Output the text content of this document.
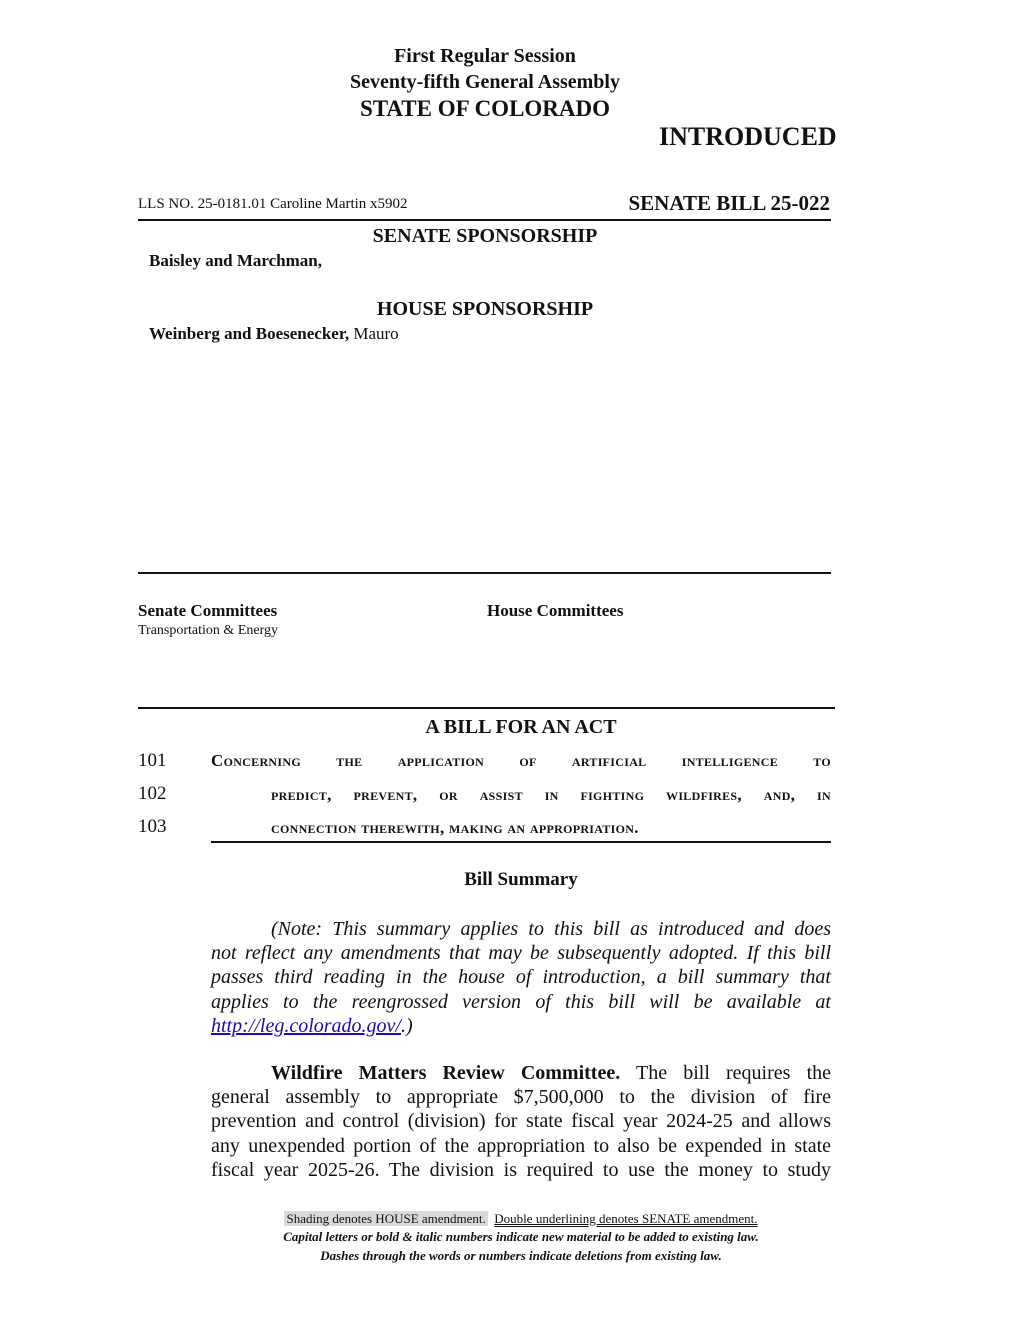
First Regular Session
Seventy-fifth General Assembly
STATE OF COLORADO
INTRODUCED
LLS NO. 25-0181.01 Caroline Martin x5902	SENATE BILL 25-022
SENATE SPONSORSHIP
Baisley and Marchman,
HOUSE SPONSORSHIP
Weinberg and Boesenecker, Mauro
Senate Committees
Transportation & Energy
House Committees
A BILL FOR AN ACT
101	Concerning the application of artificial intelligence to
102	predict, prevent, or assist in fighting wildfires, and, in
103	connection therewith, making an appropriation.
Bill Summary
(Note: This summary applies to this bill as introduced and does
not reflect any amendments that may be subsequently adopted. If this bill
passes third reading in the house of introduction, a bill summary that
applies to the reengrossed version of this bill will be available at
http://leg.colorado.gov/.)
Wildfire Matters Review Committee. The bill requires the
general assembly to appropriate $7,500,000 to the division of fire
prevention and control (division) for state fiscal year 2024-25 and allows
any unexpended portion of the appropriation to also be expended in state
fiscal year 2025-26. The division is required to use the money to study
Shading denotes HOUSE amendment. Double underlining denotes SENATE amendment.
Capital letters or bold & italic numbers indicate new material to be added to existing law.
Dashes through the words or numbers indicate deletions from existing law.
